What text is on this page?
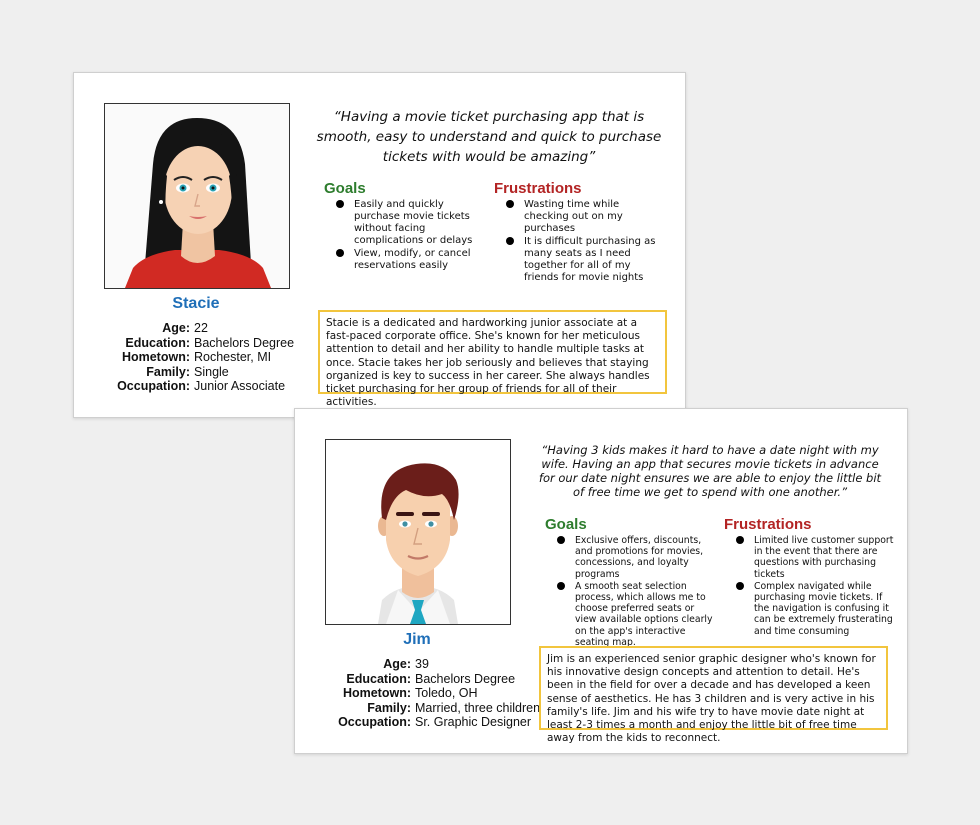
Stacie
Age: 22
Education: Bachelors Degree
Hometown: Rochester, MI
Family: Single
Occupation: Junior Associate
“Having a movie ticket purchasing app that is smooth, easy to understand and quick to purchase tickets with would be amazing”
Goals
Easily and quickly purchase movie tickets without facing complications or delays
View, modify, or cancel reservations easily
Frustrations
Wasting time while checking out on my purchases
It is difficult purchasing as many seats as I need together for all of my friends for movie nights
Stacie is a dedicated and hardworking junior associate at a fast-paced corporate office. She's known for her meticulous attention to detail and her ability to handle multiple tasks at once. Stacie takes her job seriously and believes that staying organized is key to success in her career. She always handles ticket purchasing for her group of friends for all of their activities.
Jim
Age: 39
Education: Bachelors Degree
Hometown: Toledo, OH
Family: Married, three children
Occupation: Sr. Graphic Designer
“Having 3 kids makes it hard to have a date night with my wife. Having an app that secures movie tickets in advance for our date night ensures we are able to enjoy the little bit of free time we get to spend with one another.”
Goals
Exclusive offers, discounts, and promotions for movies, concessions, and loyalty programs
A smooth seat selection process, which allows me to choose preferred seats or view available options clearly on the app's interactive seating map.
Frustrations
Limited live customer support in the event that there are questions with purchasing tickets
Complex navigated while purchasing movie tickets. If the navigation is confusing it can be extremely frusterating and time consuming
Jim is an experienced senior graphic designer who's known for his innovative design concepts and attention to detail. He's been in the field for over a decade and has developed a keen sense of aesthetics. He has 3 children and is very active in his family's life. Jim and his wife try to have movie date night at least 2-3 times a month and enjoy the little bit of free time away from the kids to reconnect.
